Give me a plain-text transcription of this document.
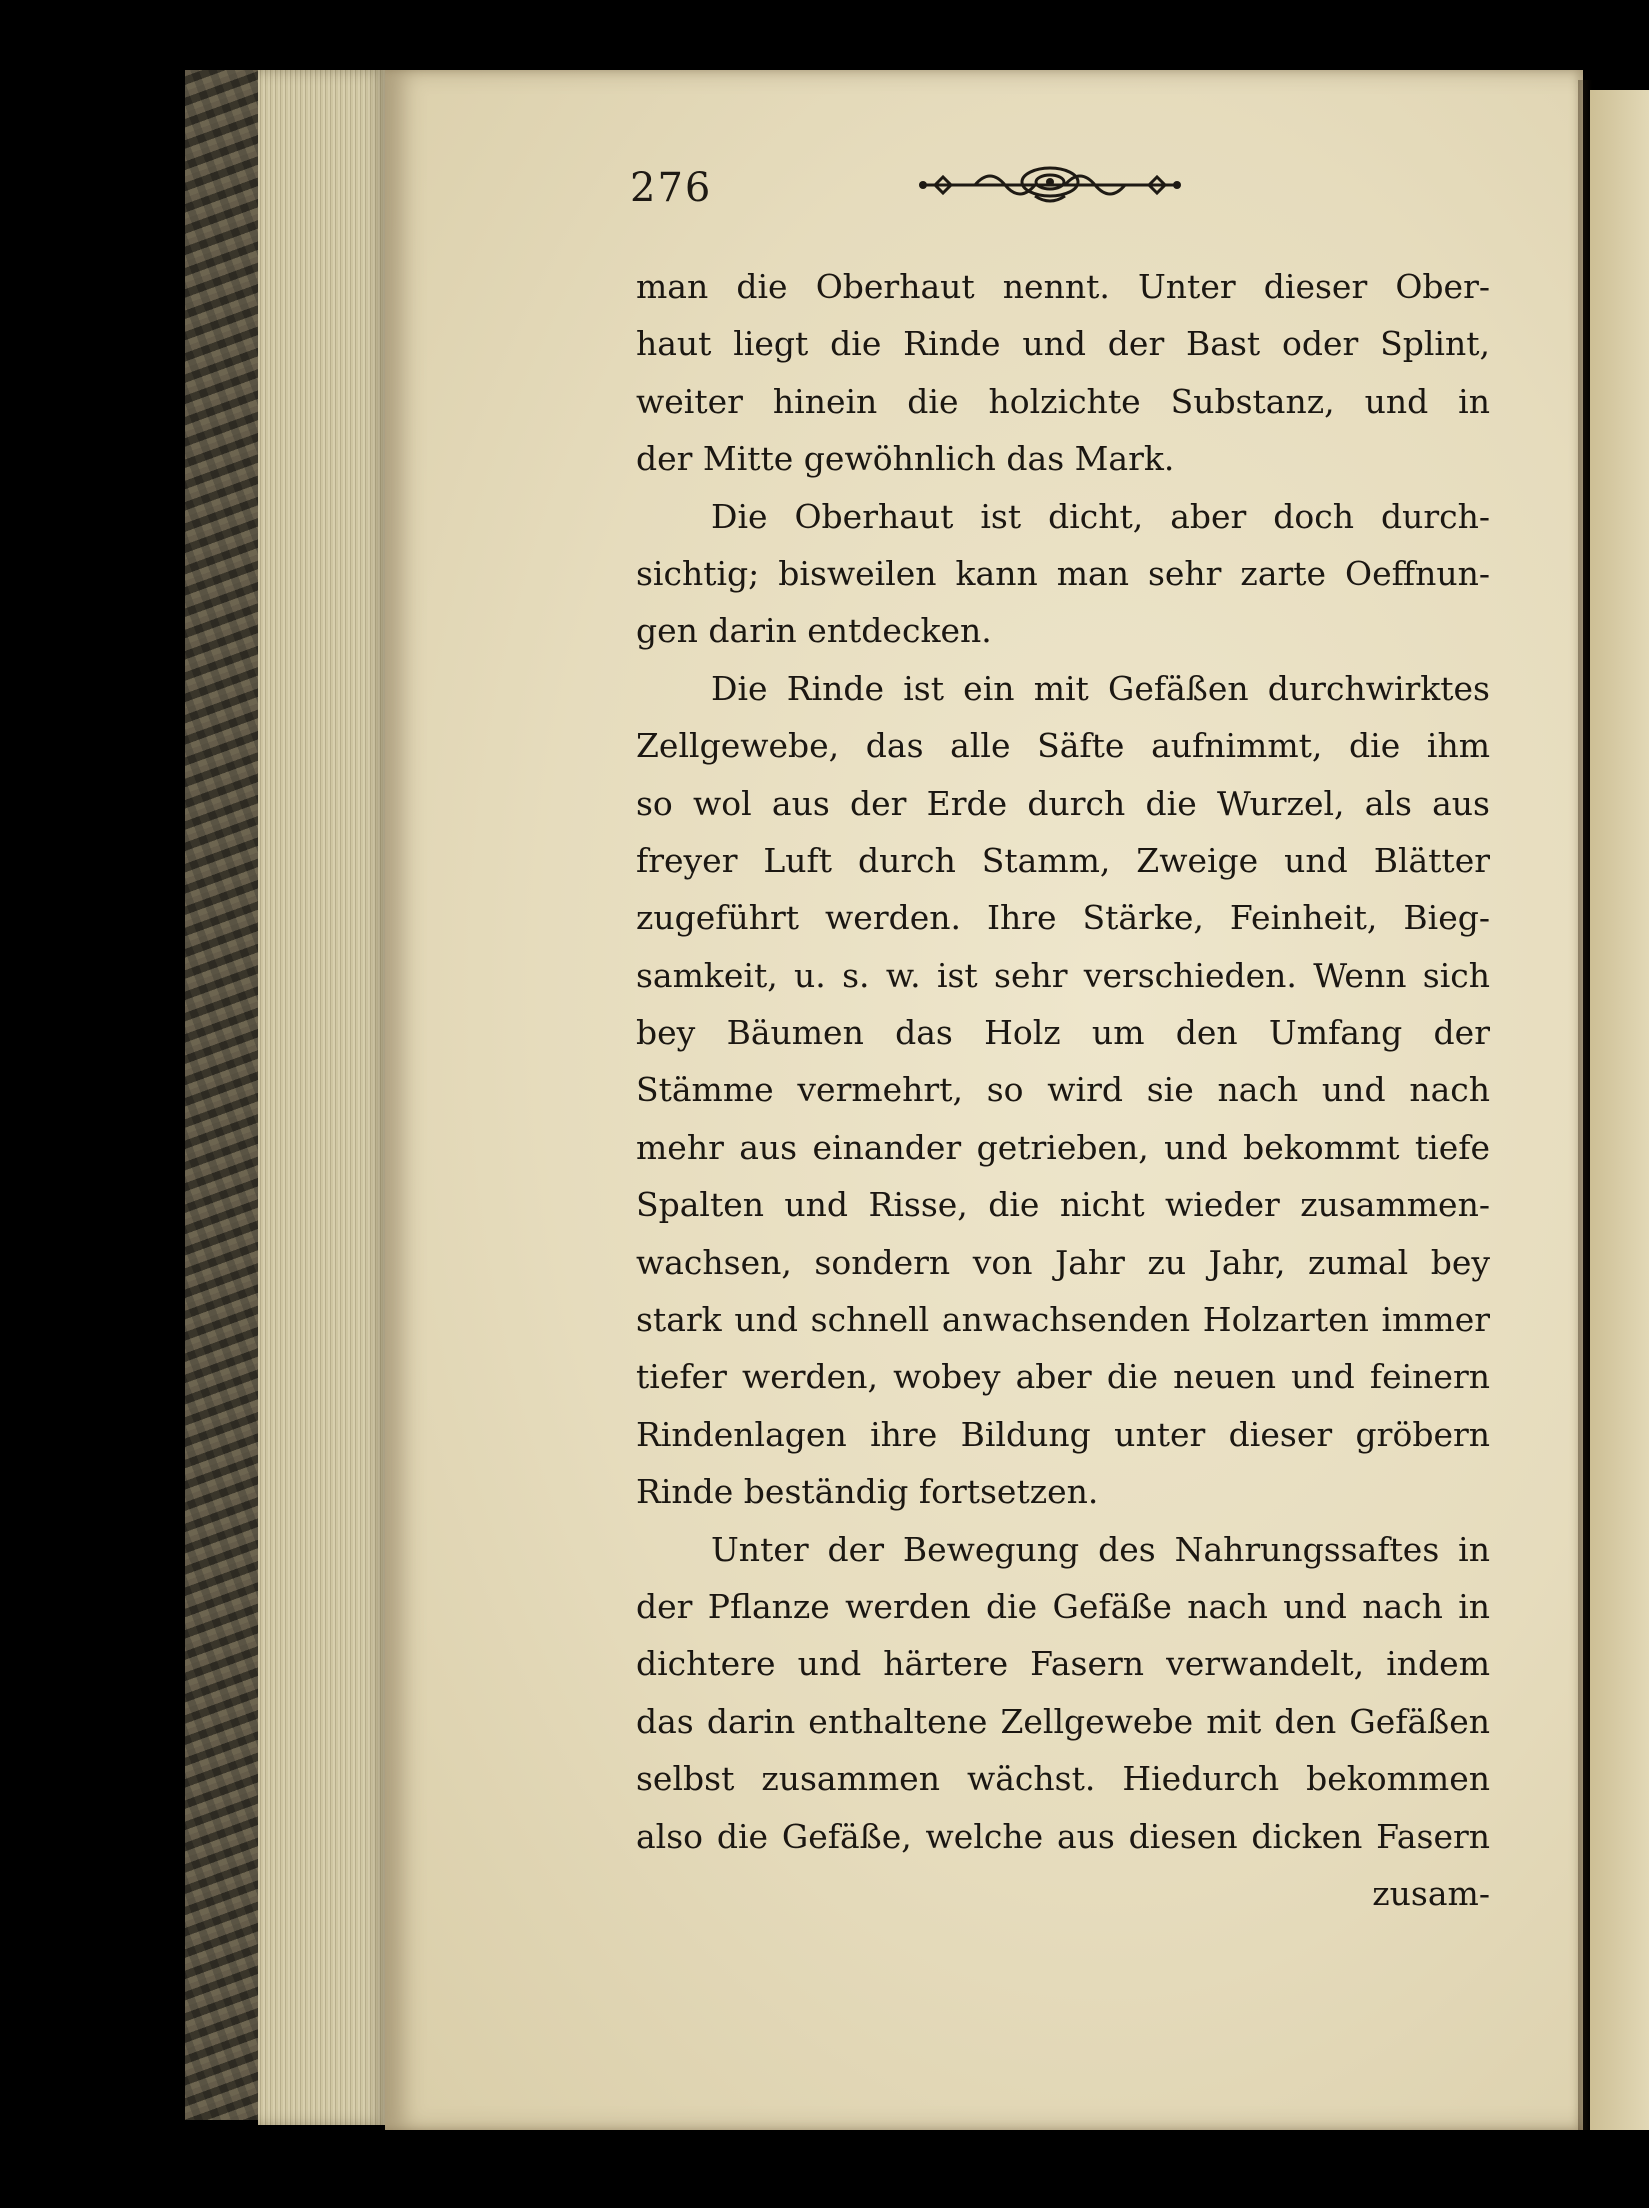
276
man die Oberhaut nennt. Unter dieser Ober-
haut liegt die Rinde und der Bast oder Splint,
weiter hinein die holzichte Substanz, und in
der Mitte gewöhnlich das Mark.
Die Oberhaut ist dicht, aber doch durch-
sichtig; bisweilen kann man sehr zarte Oeffnun-
gen darin entdecken.
Die Rinde ist ein mit Gefäßen durchwirktes
Zellgewebe, das alle Säfte aufnimmt, die ihm
so wol aus der Erde durch die Wurzel, als aus
freyer Luft durch Stamm, Zweige und Blätter
zugeführt werden. Ihre Stärke, Feinheit, Bieg-
samkeit, u. s. w. ist sehr verschieden. Wenn sich
bey Bäumen das Holz um den Umfang der
Stämme vermehrt, so wird sie nach und nach
mehr aus einander getrieben, und bekommt tiefe
Spalten und Risse, die nicht wieder zusammen-
wachsen, sondern von Jahr zu Jahr, zumal bey
stark und schnell anwachsenden Holzarten immer
tiefer werden, wobey aber die neuen und feinern
Rindenlagen ihre Bildung unter dieser gröbern
Rinde beständig fortsetzen.
Unter der Bewegung des Nahrungssaftes in
der Pflanze werden die Gefäße nach und nach in
dichtere und härtere Fasern verwandelt, indem
das darin enthaltene Zellgewebe mit den Gefäßen
selbst zusammen wächst. Hiedurch bekommen
also die Gefäße, welche aus diesen dicken Fasern
zusam-
